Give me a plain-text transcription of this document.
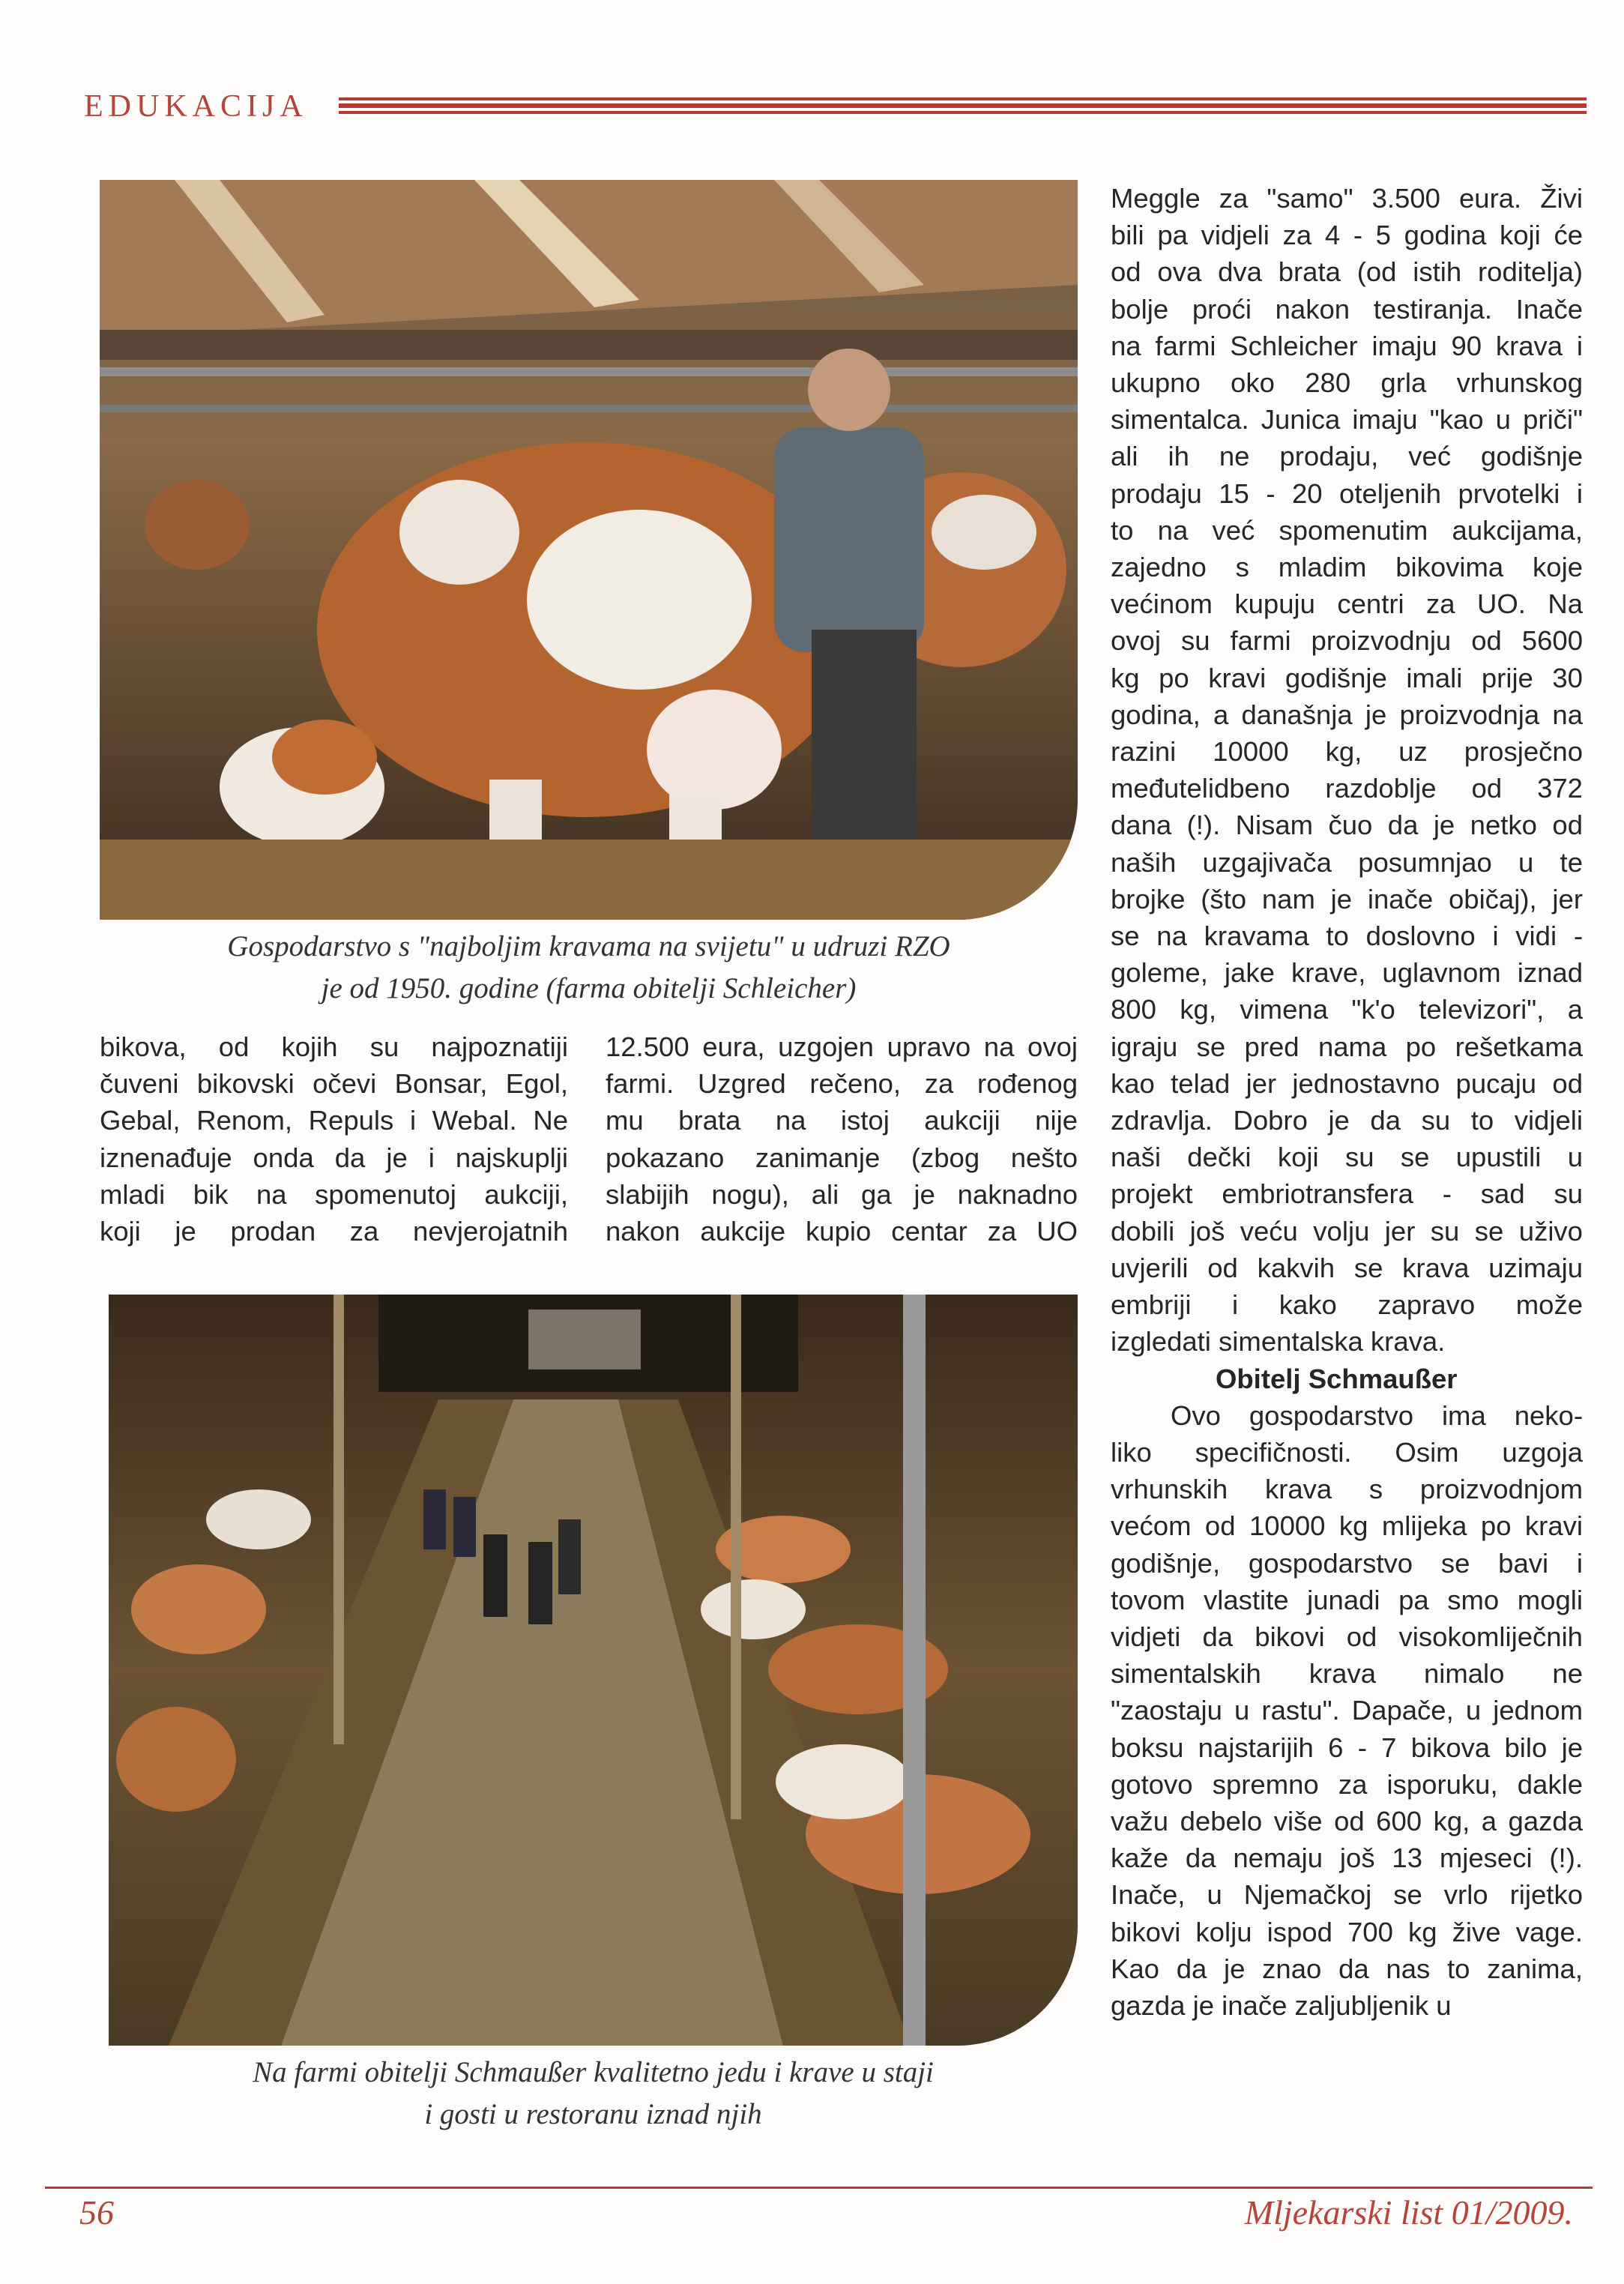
EDUKACIJA
Gospodarstvo s "najboljim kravama na svijetu" u udruzi RZO
je od 1950. godine (farma obitelji Schleicher)

bikova, od kojih su najpoznatiji

čuveni bikovski očevi Bonsar, Egol,

Gebal, Renom, Repuls i Webal. Ne

iznenađuje onda da je i najskuplji

mladi bik na spomenutoj aukciji,

koji je prodan za nevjerojatnih

12.500 eura, uzgojen upravo na ovoj

farmi. Uzgred rečeno, za rođenog

mu brata na istoj aukciji nije

pokazano zanimanje (zbog nešto

slabijih nogu), ali ga je naknadno

nakon aukcije kupio centar za UO

Na farmi obitelji Schmaußer kvalitetno jedu i krave u staji
i gosti u restoranu iznad njih
Meggle za "samo" 3.500 eura. Živi
bili pa vidjeli za 4 - 5 godina koji će
od ova dva brata (od istih roditelja)
bolje proći nakon testiranja. Inače
na farmi Schleicher imaju 90 krava i
ukupno oko 280 grla vrhunskog
simentalca. Junica imaju "kao u priči"
ali ih ne prodaju, već godišnje
prodaju 15 - 20 oteljenih prvotelki i
to na već spomenutim aukcijama,
zajedno s mladim bikovima koje
većinom kupuju centri za UO. Na
ovoj su farmi proizvodnju od 5600
kg po kravi godišnje imali prije 30
godina, a današnja je proizvodnja na
razini 10000 kg, uz prosječno
međutelidbeno razdoblje od 372
dana (!). Nisam čuo da je netko od
naših uzgajivača posumnjao u te
brojke (što nam je inače običaj), jer
se na kravama to doslovno i vidi -
goleme, jake krave, uglavnom iznad
800 kg, vimena "k'o televizori", a
igraju se pred nama po rešetkama
kao telad jer jednostavno pucaju od
zdravlja. Dobro je da su to vidjeli
naši dečki koji su se upustili u
projekt embriotransfera - sad su
dobili još veću volju jer su se uživo
uvjerili od kakvih se krava uzimaju
embriji i kako zapravo može
izgledati simentalska krava.
Obitelj Schmaußer
Ovo gospodarstvo ima neko-
liko specifičnosti. Osim uzgoja
vrhunskih krava s proizvodnjom
većom od 10000 kg mlijeka po kravi
godišnje, gospodarstvo se bavi i
tovom vlastite junadi pa smo mogli
vidjeti da bikovi od visokomliječnih
simentalskih krava nimalo ne
"zaostaju u rastu". Dapače, u jednom
boksu najstarijih 6 - 7 bikova bilo je
gotovo spremno za isporuku, dakle
važu debelo više od 600 kg, a gazda
kaže da nemaju još 13 mjeseci (!).
Inače, u Njemačkoj se vrlo rijetko
bikovi kolju ispod 700 kg žive vage.
Kao da je znao da nas to zanima,
gazda je inače zaljubljenik u
56	Mljekarski list 01/2009.
